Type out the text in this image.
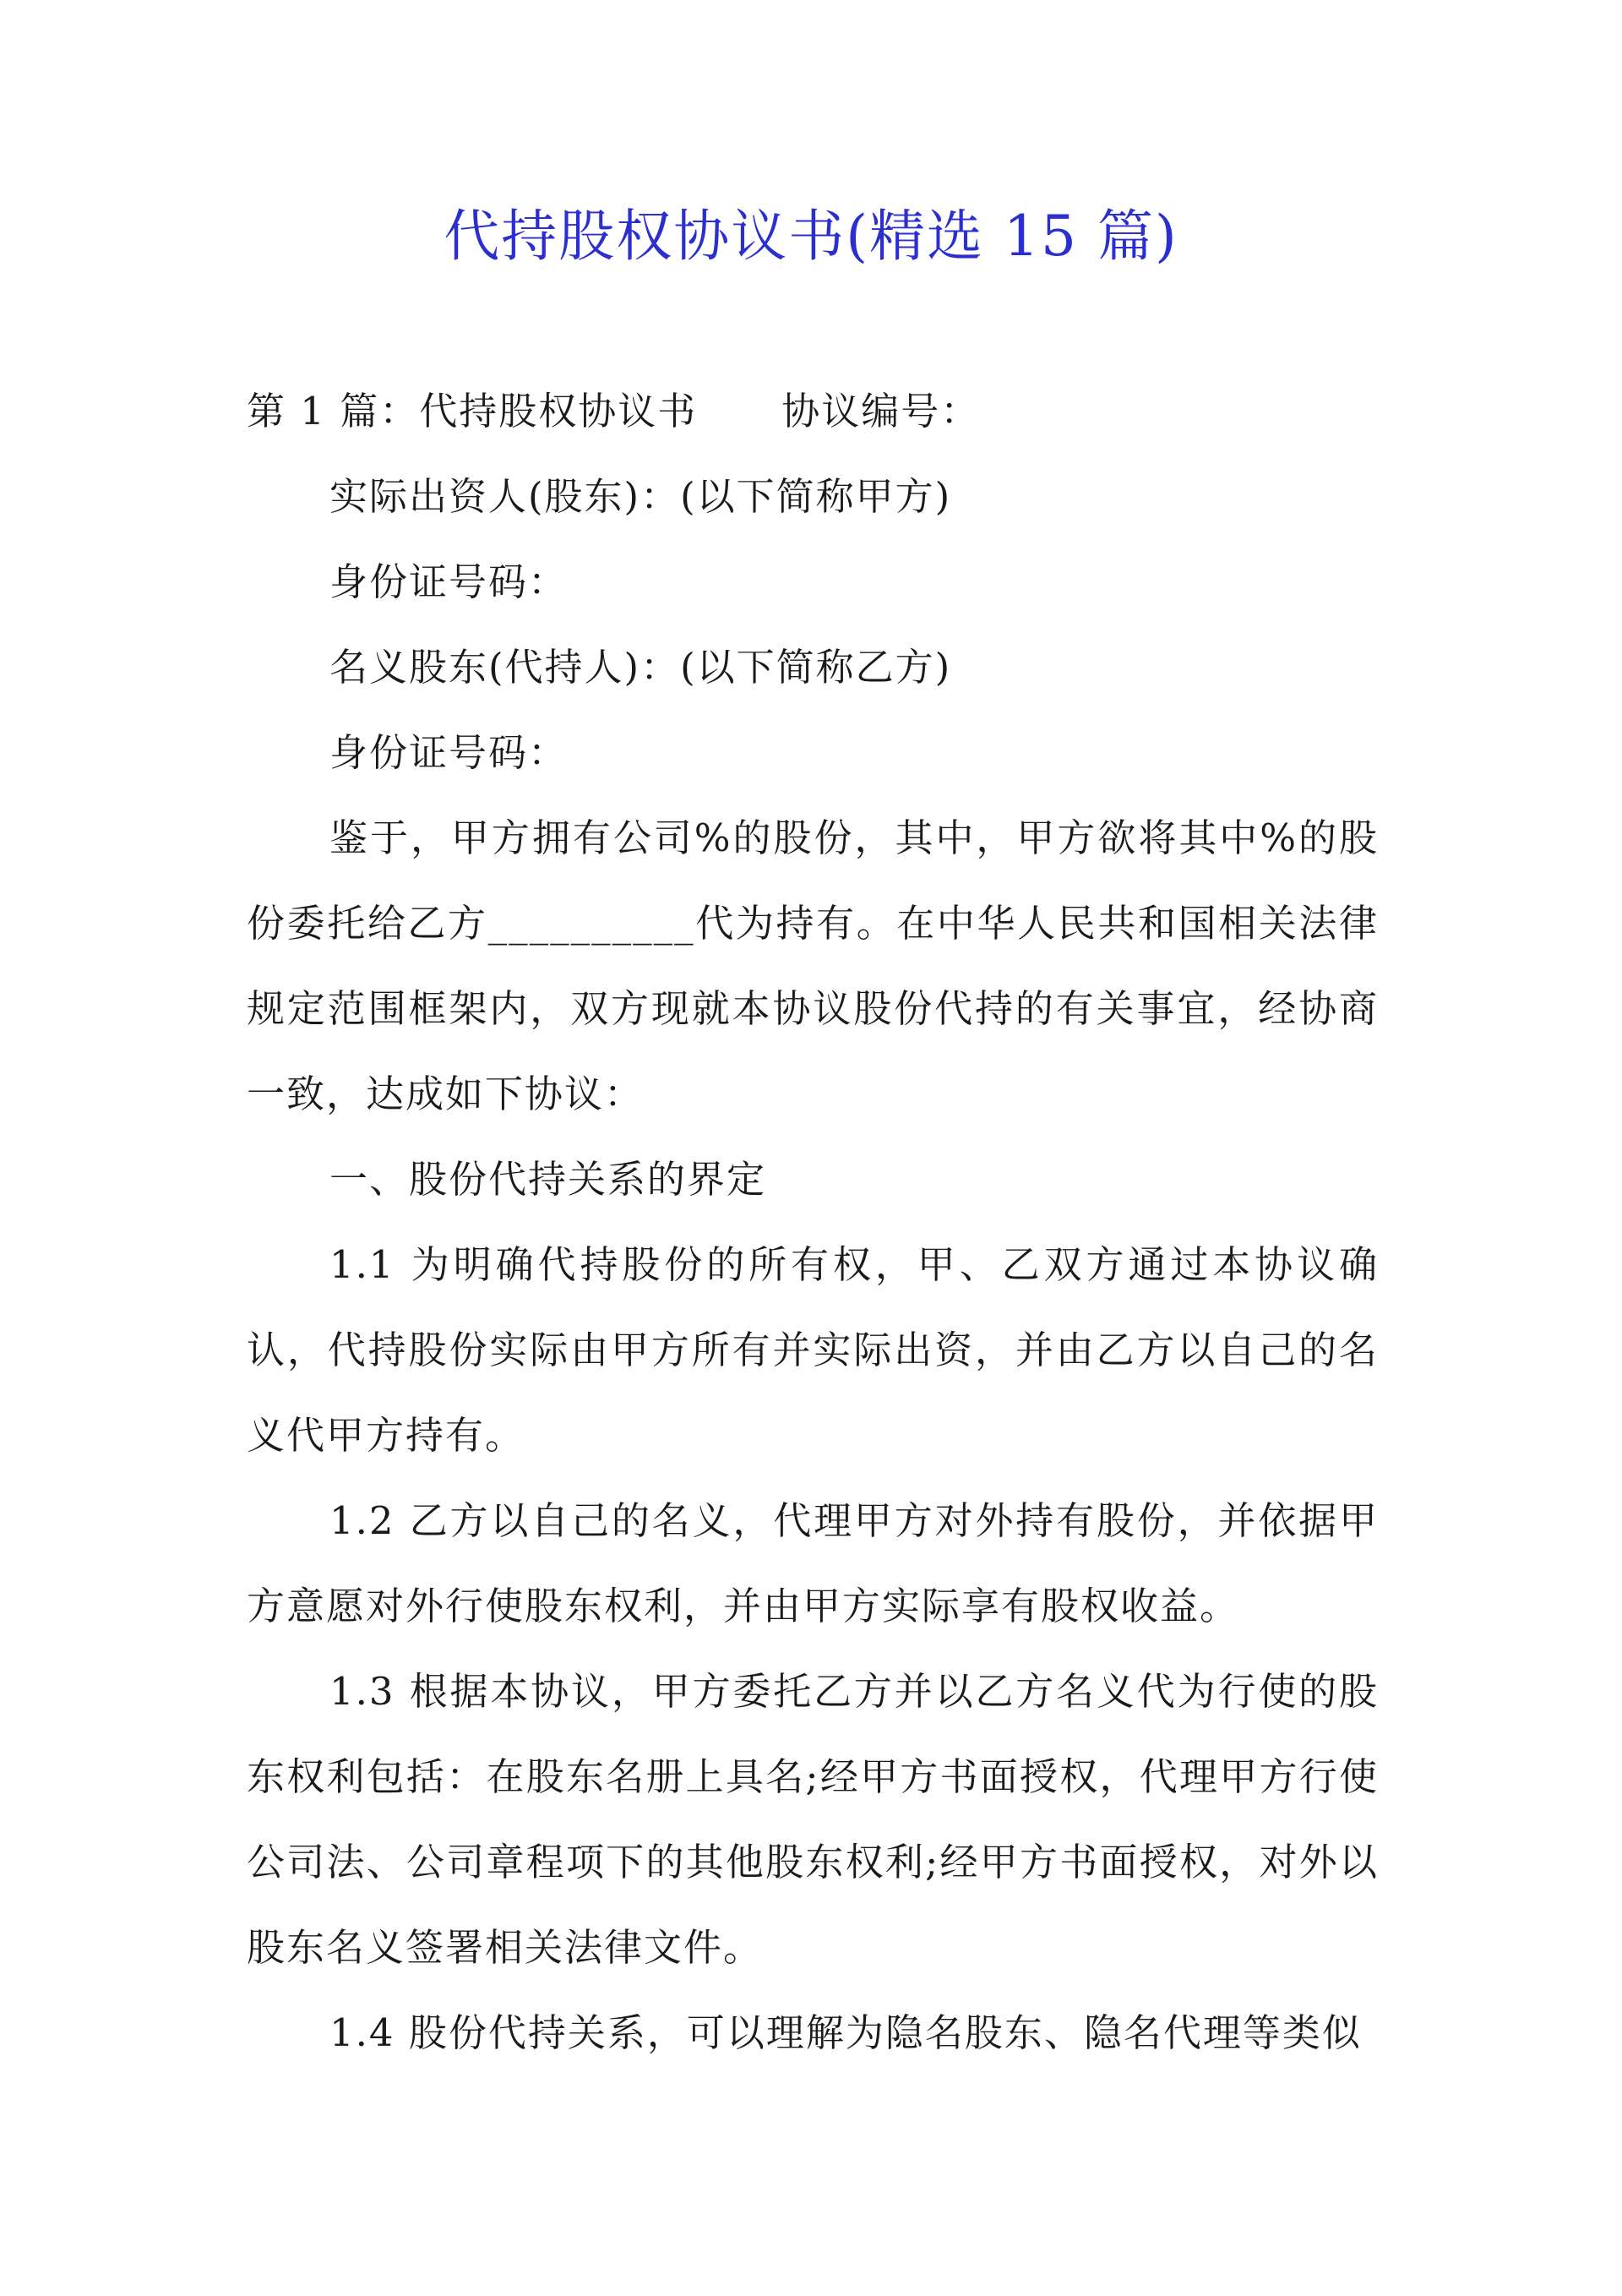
代持股权协议书(精选 15 篇)

第 1 篇：代持股权协议书 协议编号：

实际出资人(股东)：(以下简称甲方)

身份证号码：

名义股东(代持人)：(以下简称乙方)

身份证号码：

鉴于，甲方拥有公司%的股份，其中，甲方欲将其中%的股份委托给乙方__________代为持有。在中华人民共和国相关法律规定范围框架内，双方现就本协议股份代持的有关事宜，经协商一致，达成如下协议：

一、股份代持关系的界定

1.1 为明确代持股份的所有权，甲、乙双方通过本协议确认，代持股份实际由甲方所有并实际出资，并由乙方以自己的名义代甲方持有。

1.2 乙方以自己的名义，代理甲方对外持有股份，并依据甲方意愿对外行使股东权利，并由甲方实际享有股权收益。

1.3 根据本协议，甲方委托乙方并以乙方名义代为行使的股东权利包括：在股东名册上具名;经甲方书面授权，代理甲方行使公司法、公司章程项下的其他股东权利;经甲方书面授权，对外以股东名义签署相关法律文件。

1.4 股份代持关系，可以理解为隐名股东、隐名代理等类似
